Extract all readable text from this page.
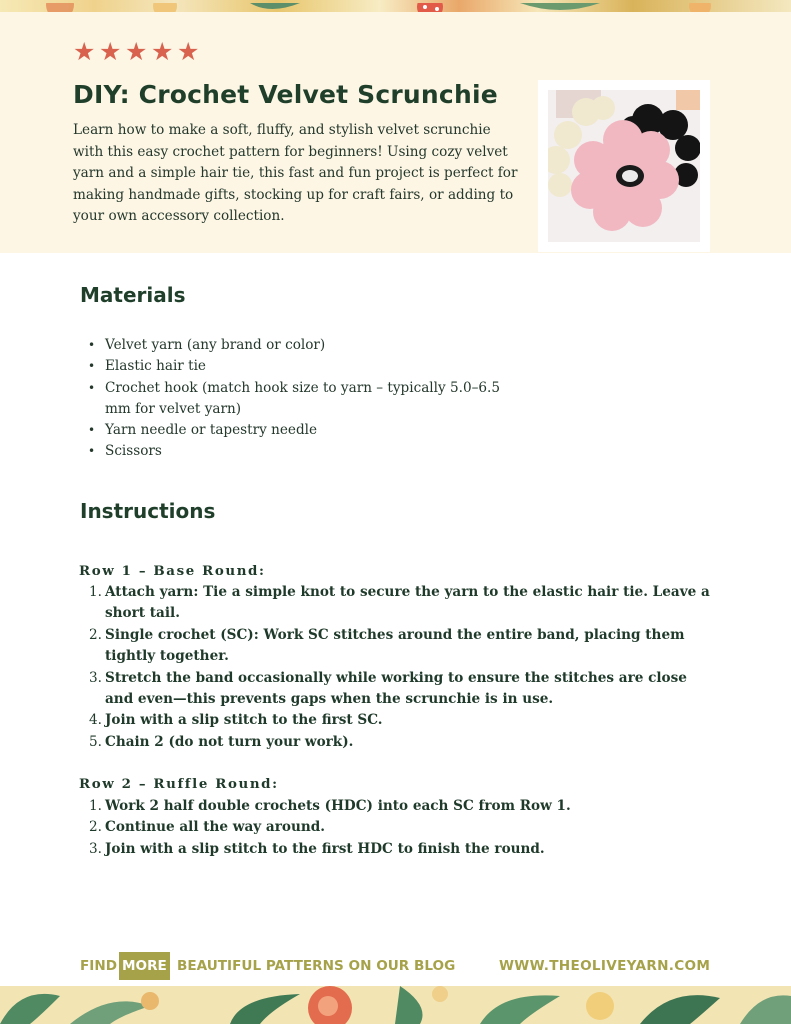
★ ★ ★ ★ ★
DIY: Crochet Velvet Scrunchie

Learn how to make a soft, fluffy, and stylish velvet scrunchie with this easy crochet pattern for beginners! Using cozy velvet yarn and a simple hair tie, this fast and fun project is perfect for making handmade gifts, stocking up for craft fairs, or adding to your own accessory collection.

Materials
• Velvet yarn (any brand or color)
• Elastic hair tie
• Crochet hook (match hook size to yarn – typically 5.0–6.5 mm for velvet yarn)
• Yarn needle or tapestry needle
• Scissors
Instructions
Row 1 – Base Round:
1. Attach yarn: Tie a simple knot to secure the yarn to the elastic hair tie. Leave a short tail.
2. Single crochet (SC): Work SC stitches around the entire band, placing them tightly together.
3. Stretch the band occasionally while working to ensure the stitches are close and even—this prevents gaps when the scrunchie is in use.
4. Join with a slip stitch to the first SC.
5. Chain 2 (do not turn your work).
Row 2 – Ruffle Round:
1. Work 2 half double crochets (HDC) into each SC from Row 1.
2. Continue all the way around.
3. Join with a slip stitch to the first HDC to finish the round.
FIND MORE BEAUTIFUL PATTERNS ON OUR BLOG	WWW.THEOLIVEYARN.COM
